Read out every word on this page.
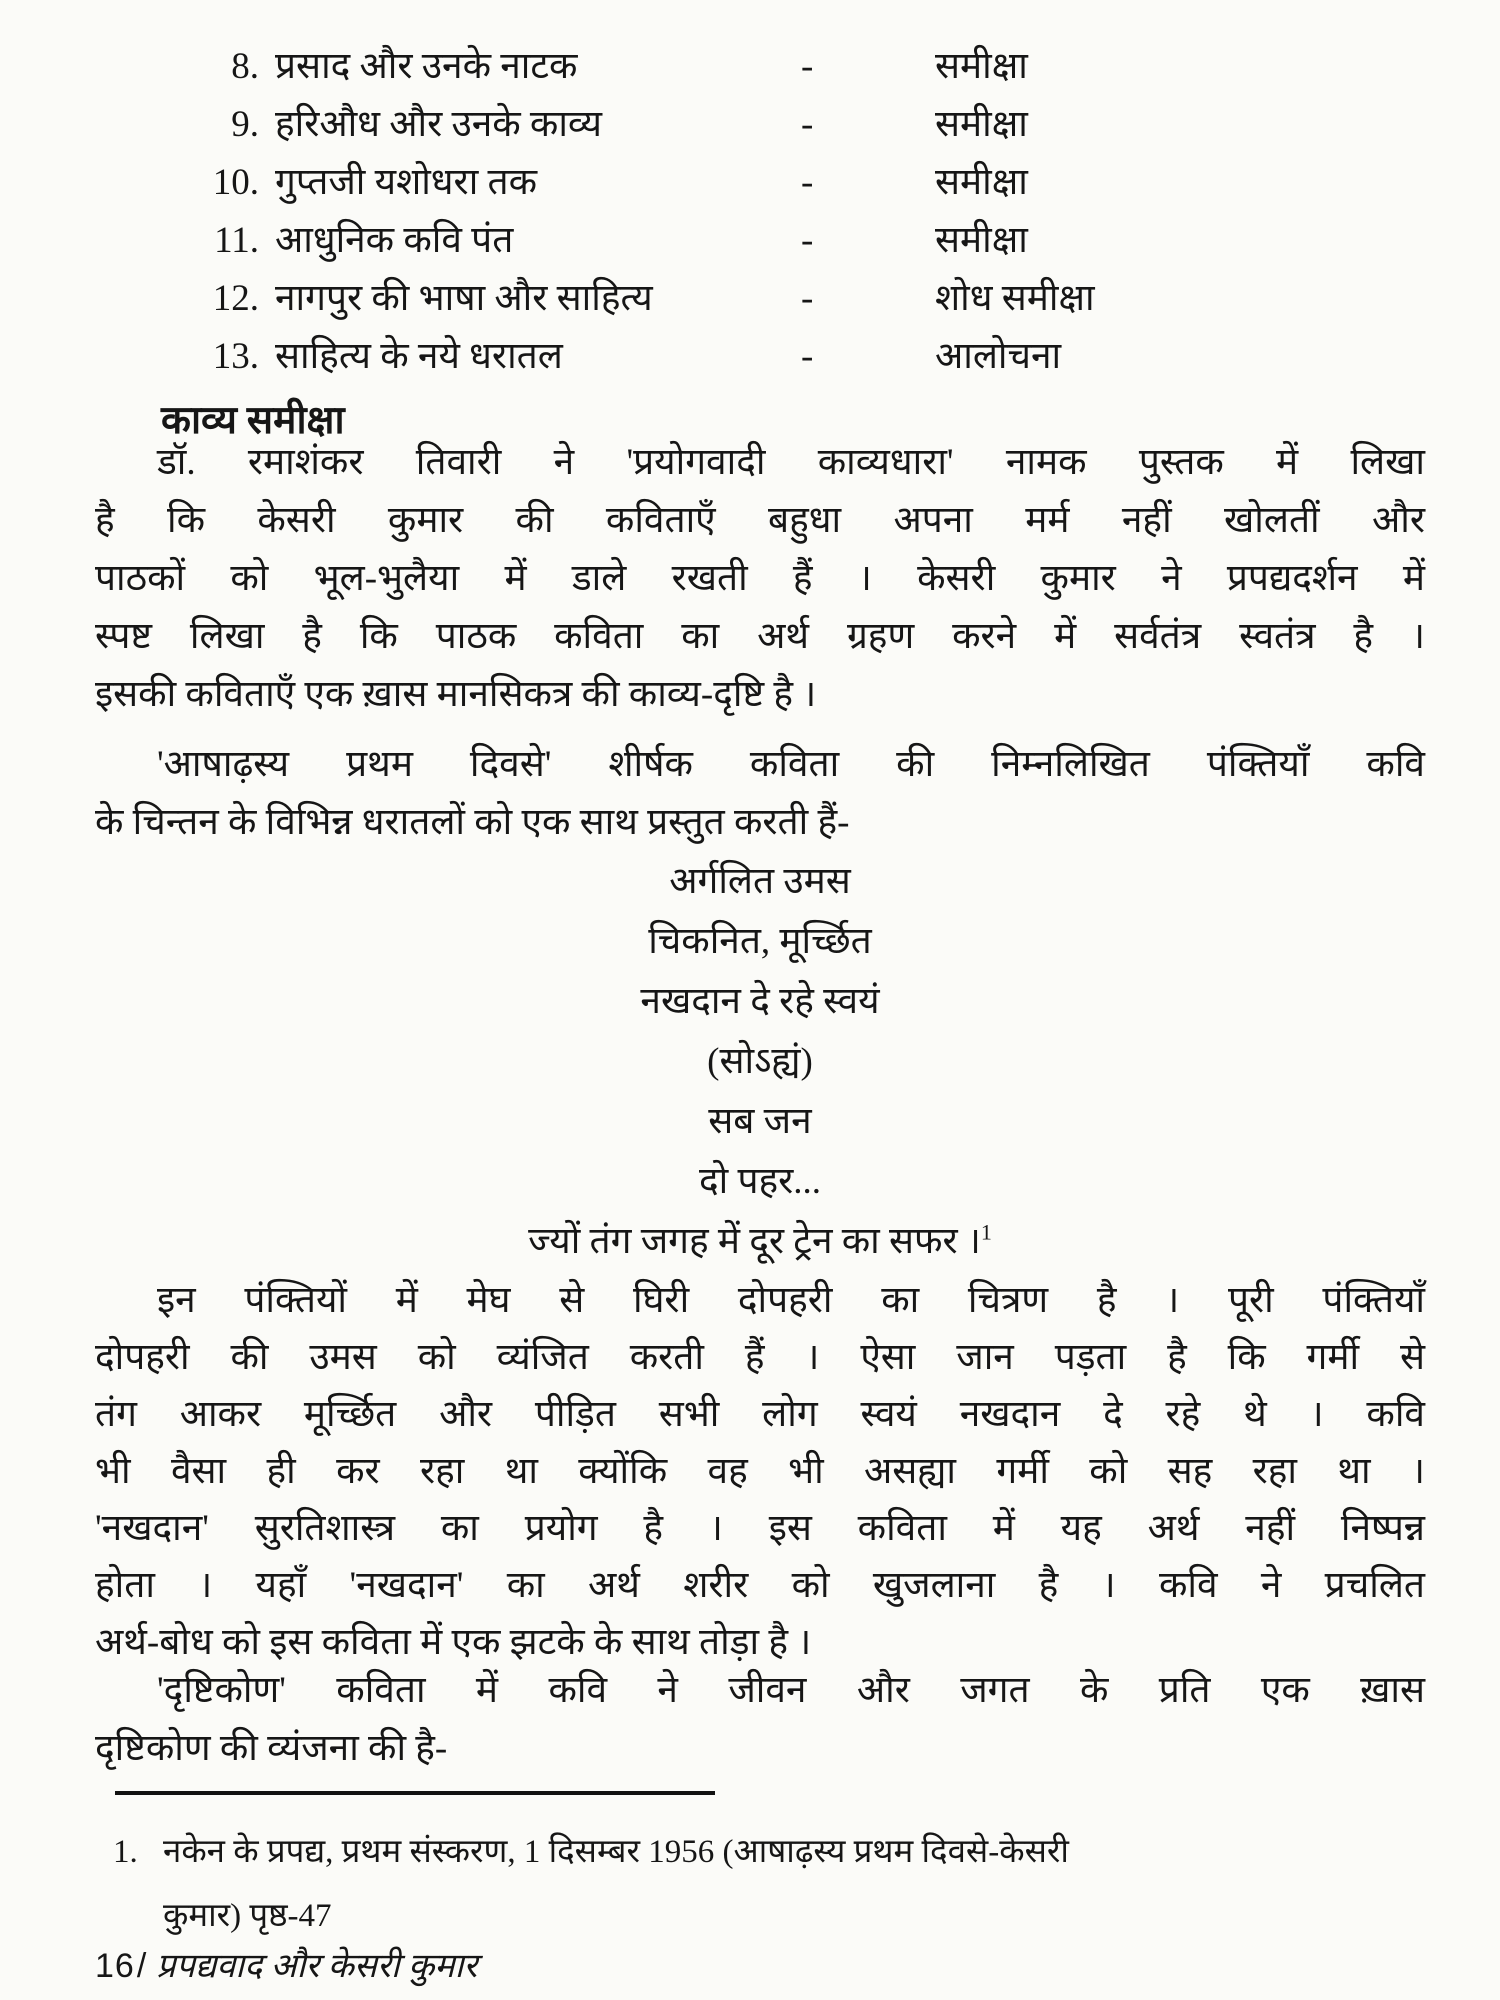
8. प्रसाद और उनके नाटक	-	समीक्षा
9. हरिऔध और उनके काव्य	-	समीक्षा
10. गुप्तजी यशोधरा तक	-	समीक्षा
11. आधुनिक कवि पंत	-	समीक्षा
12. नागपुर की भाषा और साहित्य	-	शोध समीक्षा
13. साहित्य के नये धरातल	-	आलोचना
काव्य समीक्षा
डॉ. रमाशंकर तिवारी ने 'प्रयोगवादी काव्यधारा' नामक पुस्तक में लिखा
है कि केसरी कुमार की कविताएँ बहुधा अपना मर्म नहीं खोलतीं और
पाठकों को भूल-भुलैया में डाले रखती हैं । केसरी कुमार ने प्रपद्यदर्शन में
स्पष्ट लिखा है कि पाठक कविता का अर्थ ग्रहण करने में सर्वतंत्र स्वतंत्र है ।
इसकी कविताएँ एक ख़ास मानसिकत्र की काव्य-दृष्टि है ।
'आषाढ़स्य प्रथम दिवसे' शीर्षक कविता की निम्नलिखित पंक्तियाँ कवि
के चिन्तन के विभिन्न धरातलों को एक साथ प्रस्तुत करती हैं-
अर्गलित उमस
चिकनित, मूर्च्छित
नखदान दे रहे स्वयं
(सोऽह्यं)
सब जन
दो पहर...
ज्यों तंग जगह में दूर ट्रेन का सफर ।$^1$
इन पंक्तियों में मेघ से घिरी दोपहरी का चित्रण है । पूरी पंक्तियाँ
दोपहरी की उमस को व्यंजित करती हैं । ऐसा जान पड़ता है कि गर्मी से
तंग आकर मूर्च्छित और पीड़ित सभी लोग स्वयं नखदान दे रहे थे । कवि
भी वैसा ही कर रहा था क्योंकि वह भी असह्या गर्मी को सह रहा था ।
'नखदान' सुरतिशास्त्र का प्रयोग है । इस कविता में यह अर्थ नहीं निष्पन्न
होता । यहाँ 'नखदान' का अर्थ शरीर को खुजलाना है । कवि ने प्रचलित
अर्थ-बोध को इस कविता में एक झटके के साथ तोड़ा है ।
'दृष्टिकोण' कविता में कवि ने जीवन और जगत के प्रति एक ख़ास
दृष्टिकोण की व्यंजना की है-
1. नकेन के प्रपद्य, प्रथम संस्करण, 1 दिसम्बर 1956 (आषाढ़स्य प्रथम दिवसे-केसरी
कुमार) पृष्ठ-47
16 / प्रपद्यवाद और केसरी कुमार
